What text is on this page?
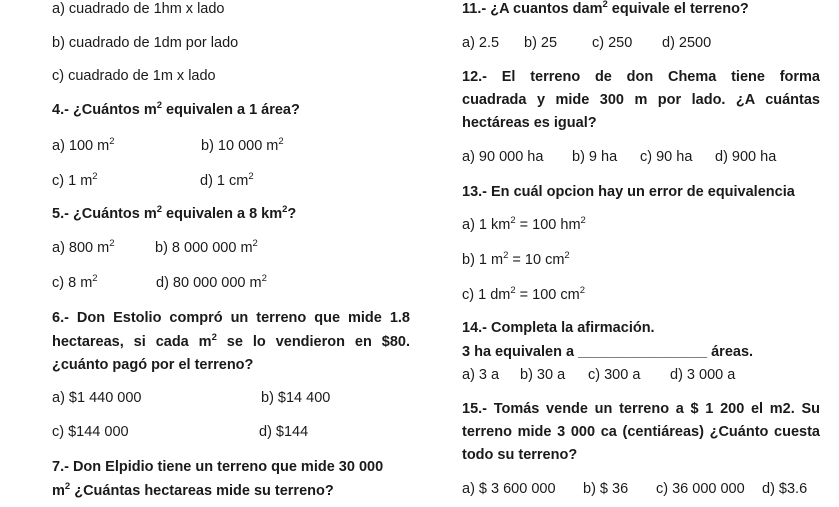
a) cuadrado de 1hm x lado
b) cuadrado de 1dm por lado
c) cuadrado de 1m x lado
4.- ¿Cuántos $m^2$ equivalen a 1 área?
a) 100 $m^2$	b) 10 000 $m^2$
c) 1 $m^2$	d) 1 $cm^2$
5.- ¿Cuántos $m^2$ equivalen a 8 $km^2$?
a) 800 $m^2$	b) 8 000 000 $m^2$
c) 8 $m^2$	d) 80 000 000 $m^2$
6.- Don Estolio compró un terreno que mide 1.8
hectareas, si cada $m^2$ se lo vendieron en $80.
¿cuánto pagó por el terreno?
a) $1 440 000	b) $14 400
c) $144 000	d) $144
7.- Don Elpidio tiene un terreno que mide 30 000
$m^2$ ¿Cuántas hectareas mide su terreno?
11.- ¿A cuantos dam$^2$ equivale el terreno?
a) 2.5 b) 25 c) 250 d) 2500
12.- El terreno de don Chema tiene forma
cuadrada y mide 300 m por lado. ¿A cuántas
hectáreas es igual?
a) 90 000 ha b) 9 ha c) 90 ha d) 900 ha
13.- En cuál opcion hay un error de equivalencia
a) 1 $km^2 = 100$ $hm^2$
b) 1 $m^2 = 10$ $cm^2$
c) 1 $dm^2 = 100$ $cm^2$
14.- Completa la afirmación.
3 ha equivalen a ________________ áreas.
a) 3 a b) 30 a c) 300 a d) 3 000 a
15.- Tomás vende un terreno a $ 1 200 el m2. Su
terreno mide 3 000 ca (centiáreas) ¿Cuánto cuesta
todo su terreno?
a) $ 3 600 000 b) $ 36 c) 36 000 000 d) $3.6
